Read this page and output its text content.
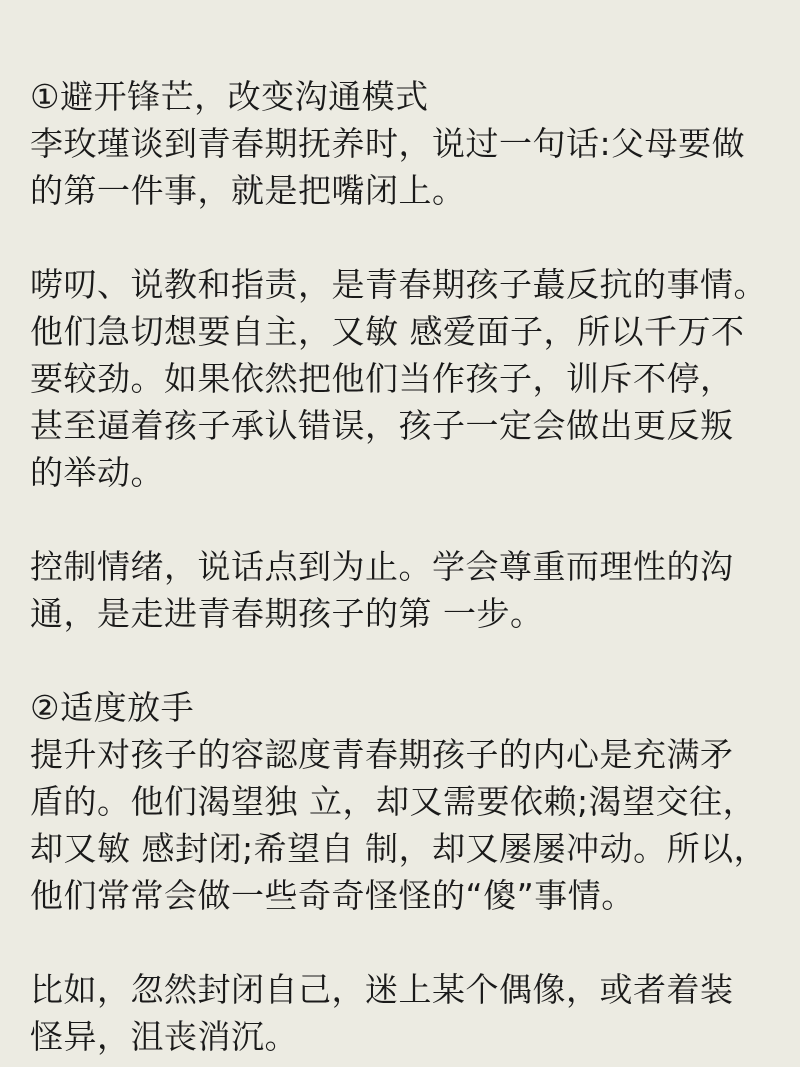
①避开锋芒，改变沟通模式
李玫瑾谈到青春期抚养时，说过一句话:父母要做
的第一件事，就是把嘴闭上。
唠叨、说教和指责，是青春期孩子蕞反抗的事情。
他们急切想要自主，又敏 感爱面子，所以千万不
要较劲。如果依然把他们当作孩子，训斥不停，
甚至逼着孩子承认错误，孩子一定会做出更反叛
的举动。
控制情绪，说话点到为止。学会尊重而理性的沟
通，是走进青春期孩子的第 一步。
②适度放手
提升对孩子的容認度青春期孩子的内心是充满矛
盾的。他们渴望独 立，却又需要依赖;渴望交往，
却又敏 感封闭;希望自 制，却又屡屡冲动。所以，
他们常常会做一些奇奇怪怪的“傻”事情。
比如，忽然封闭自己，迷上某个偶像，或者着装
怪异，沮丧消沉。
